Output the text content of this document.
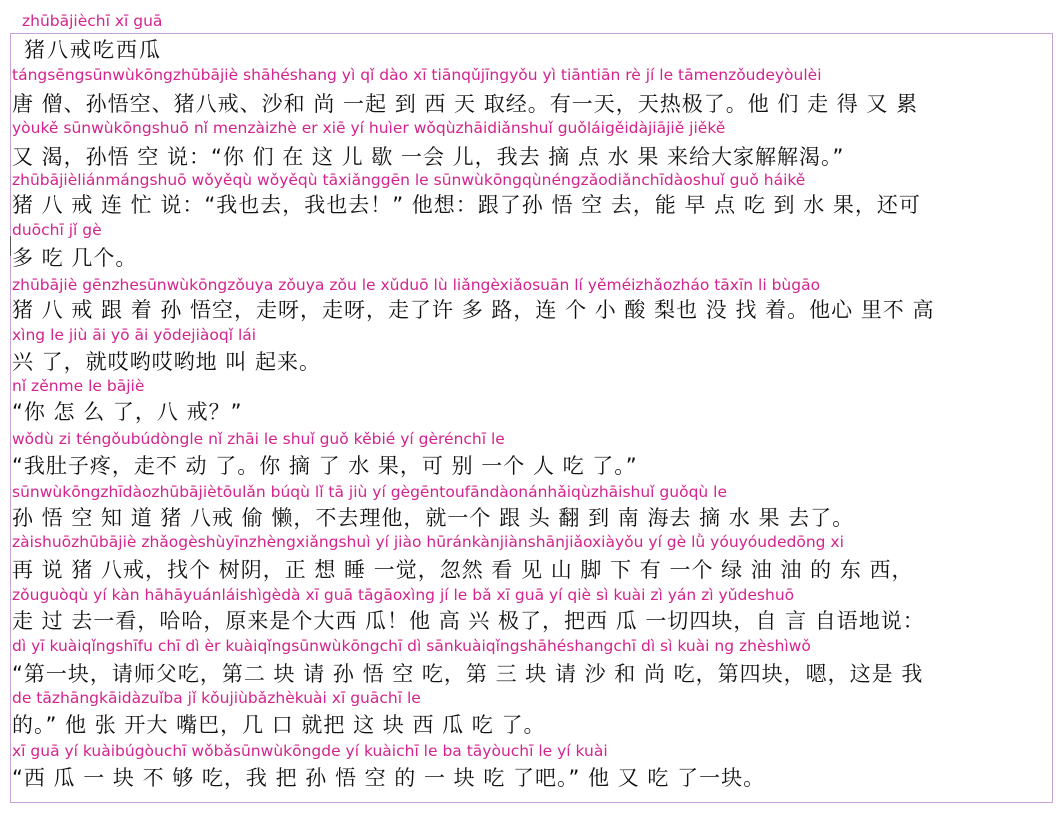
zhūbājièchī xī guā
猪八戒吃西瓜
tángsēngsūnwùkōngzhūbājiè shāhéshang yì qǐ dào xī tiānqǔjīngyǒu yì tiāntiān rè jí le tāmenzǒudeyòulèi
唐 僧、孙悟空、猪八戒、沙和 尚 一起 到 西 天 取经。有一天，天热极了。他 们 走 得 又 累
yòukě sūnwùkōngshuō nǐ menzàizhè er xiē yí huìer wǒqùzhāidiǎnshuǐ guǒláigěidàjiājiě jiěkě
又 渴，孙悟 空 说：“你 们 在 这 儿 歇 一会 儿，我去 摘 点 水 果 来给大家解解渴。”
zhūbājièliánmángshuō wǒyěqù wǒyěqù tāxiǎnggēn le sūnwùkōngqùnéngzǎodiǎnchīdàoshuǐ guǒ háikě
猪 八 戒 连 忙 说：“我也去，我也去！” 他想：跟了孙 悟 空 去，能 早 点 吃 到 水 果，还可
duōchī jǐ gè
多 吃 几个。
zhūbājiè gēnzhesūnwùkōngzǒuya zǒuya zǒu le xǔduō lù liǎngèxiǎosuān lí yěméizhǎozháo tāxīn li bùgāo
猪 八 戒 跟 着 孙 悟空，走呀，走呀，走了许 多 路，连 个 小 酸 梨也 没 找 着。他心 里不 高
xìng le jiù āi yō āi yōdejiàoqǐ lái
兴 了，就哎哟哎哟地 叫 起来。
nǐ zěnme le bājiè
“你 怎 么 了，八 戒？”
wǒdù zi téngǒubúdòngle nǐ zhāi le shuǐ guǒ kěbié yí gèrénchī le
“我肚子疼，走不 动 了。你 摘 了 水 果，可 别 一个 人 吃 了。”
sūnwùkōngzhīdàozhūbājiètōulǎn búqù lǐ tā jiù yí gègēntoufāndàonánhǎiqùzhāishuǐ guǒqù le
孙 悟 空 知 道 猪 八戒 偷 懒，不去理他，就一个 跟 头 翻 到 南 海去 摘 水 果 去了。
zàishuōzhūbājiè zhǎogèshùyīnzhèngxiǎngshuì yí jiào hūránkànjiànshānjiǎoxiàyǒu yí gè lǜ yóuyóudedōng xi
再 说 猪 八戒，找个 树阴，正 想 睡 一觉，忽然 看 见 山 脚 下 有 一个 绿 油 油 的 东 西，
zǒuguòqù yí kàn hāhāyuánláishìgèdà xī guā tāgāoxìng jí le bǎ xī guā yí qiè sì kuài zì yán zì yǔdeshuō
走 过 去一看，哈哈，原来是个大西 瓜！他 高 兴 极了，把西 瓜 一切四块，自 言 自语地说：
dì yī kuàiqǐngshīfu chī dì èr kuàiqǐngsūnwùkōngchī dì sānkuàiqǐngshāhéshangchī dì sì kuài ng zhèshìwǒ
“第一块，请师父吃，第二 块 请 孙 悟 空 吃，第 三 块 请 沙 和 尚 吃，第四块，嗯，这是 我
de tāzhāngkāidàzuǐba jǐ kǒujiùbǎzhèkuài xī guāchī le
的。” 他 张 开大 嘴巴，几 口 就把 这 块 西 瓜 吃 了。
xī guā yí kuàibúgòuchī wǒbǎsūnwùkōngde yí kuàichī le ba tāyòuchī le yí kuài
“西 瓜 一 块 不 够 吃，我 把 孙 悟 空 的 一 块 吃 了吧。” 他 又 吃 了一块。
